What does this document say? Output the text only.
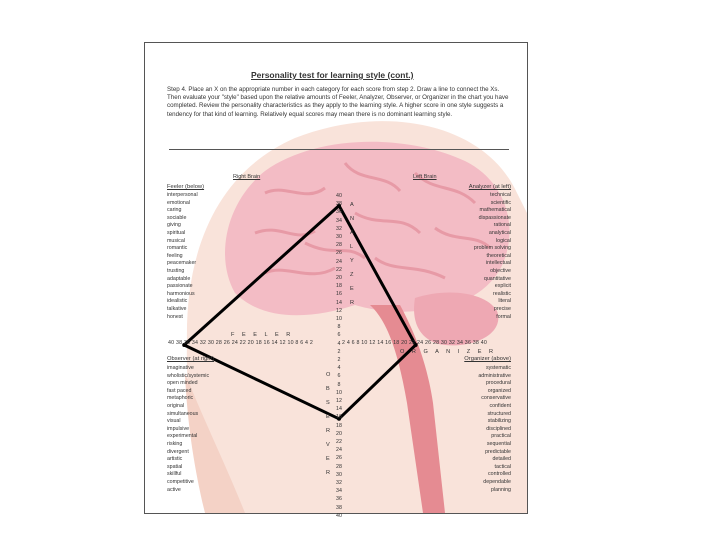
Personality test for learning style (cont.)
Step 4. Place an X on the appropriate number in each category for each score from step 2. Draw a line to connect the Xs. Then evaluate your "style" based upon the relative amounts of Feeler, Analyzer, Observer, or Organizer in the chart you have completed. Review the personality characteristics as they apply to the learning style. A higher score in one style suggests a tendency for that kind of learning. Relatively equal scores may mean there is no dominant learning style.
Right Brain	Left Brain
Feeler (below)	Analyzer (at left)
Observer (at right)	Organizer (above)
interpersonal
emotional
caring
sociable
giving
spiritual
musical
romantic
feeling
peacemaker
trusting
adaptable
passionate
harmonious
idealistic
talkative
honest
technical
scientific
mathematical
dispassionate
rational
analytical
logical
problem solving
theoretical
intellectual
objective
quantitative
explicit
realistic
literal
precise
formal
imaginative
wholistic/systemic
open minded
fast paced
metaphoric
original
simultaneous
visual
impulsive
experimental
risking
divergent
artistic
spatial
skillful
competitive
active
systematic
administrative
procedural
organized
conservative
confident
structured
stabilizing
disciplined
practical
sequential
predictable
detailed
tactical
controlled
dependable
planning
40
38
36
34
32
30
28
26
24
22
20
18
16
14
12
10
8
6
4
2
2
4
6
8
10
12
14
16
18
20
22
24
26
28
30
32
34
36
38
40
A
N
A
L
Y
Z
E
R
O
B
S
E
R
V
E
R
40 38 36 34 32 30 28 26 24 22 20 18 16 14 12 10 8 6 4 2	2 4 6 8 10 12 14 16 18 20 22 24 26 28 30 32 34 36 38 40
F E E L E R
O R G A N I Z E R
